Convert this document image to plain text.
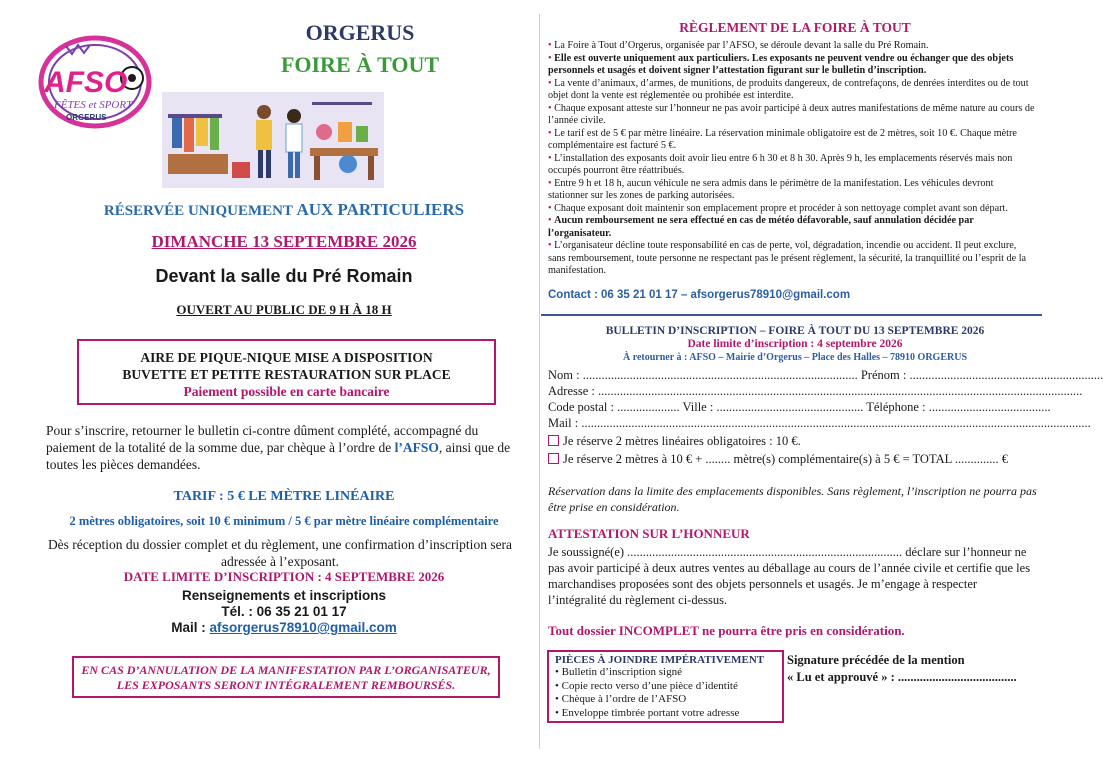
AFSO
FÊTES et SPORT
ORGERUS
ORGERUS
FOIRE À TOUT
RÉSERVÉE UNIQUEMENT AUX PARTICULIERS
DIMANCHE 13 SEPTEMBRE 2026
Devant la salle du Pré Romain
OUVERT AU PUBLIC DE 9 H À 18 H
AIRE DE PIQUE-NIQUE MISE A DISPOSITION
BUVETTE ET PETITE RESTAURATION SUR PLACE
Paiement possible en carte bancaire
Pour s’inscrire, retourner le bulletin ci-contre dûment complété, accompagné du paiement de la totalité de la somme due, par chèque à l’ordre de l’AFSO, ainsi que de toutes les pièces demandées.
TARIF : 5 € LE MÈTRE LINÉAIRE
2 mètres obligatoires, soit 10 € minimum / 5 € par mètre linéaire complémentaire
Dès réception du dossier complet et du règlement, une confirmation d’inscription sera adressée à l’exposant.
DATE LIMITE D’INSCRIPTION : 4 SEPTEMBRE 2026
Renseignements et inscriptions
Tél. : 06 35 21 01 17
Mail : afsorgerus78910@gmail.com
EN CAS D’ANNULATION DE LA MANIFESTATION PAR L’ORGANISATEUR,
LES EXPOSANTS SERONT INTÉGRALEMENT REMBOURSÉS.
RÈGLEMENT DE LA FOIRE À TOUT

• La Foire à Tout d’Orgerus, organisée par l’AFSO, se déroule devant la salle du Pré Romain.

• Elle est ouverte uniquement aux particuliers. Les exposants ne peuvent vendre ou échanger que des objets personnels et usagés et doivent signer l’attestation figurant sur le bulletin d’inscription.

• La vente d’animaux, d’armes, de munitions, de produits dangereux, de contrefaçons, de denrées interdites ou de tout objet dont la vente est réglementée ou prohibée est interdite.

• Chaque exposant atteste sur l’honneur ne pas avoir participé à deux autres manifestations de même nature au cours de l’année civile.

• Le tarif est de 5 € par mètre linéaire. La réservation minimale obligatoire est de 2 mètres, soit 10 €. Chaque mètre complémentaire est facturé 5 €.

• L’installation des exposants doit avoir lieu entre 6 h 30 et 8 h 30. Après 9 h, les emplacements réservés mais non occupés pourront être réattribués.

• Entre 9 h et 18 h, aucun véhicule ne sera admis dans le périmètre de la manifestation. Les véhicules devront stationner sur les zones de parking autorisées.

• Chaque exposant doit maintenir son emplacement propre et procéder à son nettoyage complet avant son départ.

• Aucun remboursement ne sera effectué en cas de météo défavorable, sauf annulation décidée par l’organisateur.

• L’organisateur décline toute responsabilité en cas de perte, vol, dégradation, incendie ou accident. Il peut exclure, sans remboursement, toute personne ne respectant pas le présent règlement, la sécurité, la tranquillité ou l’esprit de la manifestation.

Contact : 06 35 21 01 17 – afsorgerus78910@gmail.com
BULLETIN D’INSCRIPTION – FOIRE À TOUT DU 13 SEPTEMBRE 2026
Date limite d’inscription : 4 septembre 2026
À retourner à : AFSO – Mairie d’Orgerus – Place des Halles – 78910 ORGERUS
Nom : ........................................................................................ Prénom : ..............................................................
Adresse : ...........................................................................................................................................................
Code postal : .................... Ville : ............................................... Téléphone : .......................................
Mail : ...................................................................................................................................................................
Je réserve 2 mètres linéaires obligatoires : 10 €.
Je réserve 2 mètres à 10 € + ........ mètre(s) complémentaire(s) à 5 € = TOTAL .............. €
Réservation dans la limite des emplacements disponibles. Sans règlement, l’inscription ne pourra pas être prise en considération.
ATTESTATION SUR L’HONNEUR
Je soussigné(e) ........................................................................................ déclare sur l’honneur ne pas avoir participé à deux autres ventes au déballage au cours de l’année civile et certifie que les marchandises proposées sont des objets personnels et usagés. Je m’engage à respecter l’intégralité du règlement ci-dessus.
Tout dossier INCOMPLET ne pourra être pris en considération.
PIÈCES À JOINDRE IMPÉRATIVEMENT
• Bulletin d’inscription signé
• Copie recto verso d’une pièce d’identité
• Chèque à l’ordre de l’AFSO
• Enveloppe timbrée portant votre adresse
Signature précédée de la mention
« Lu et approuvé » : ......................................
